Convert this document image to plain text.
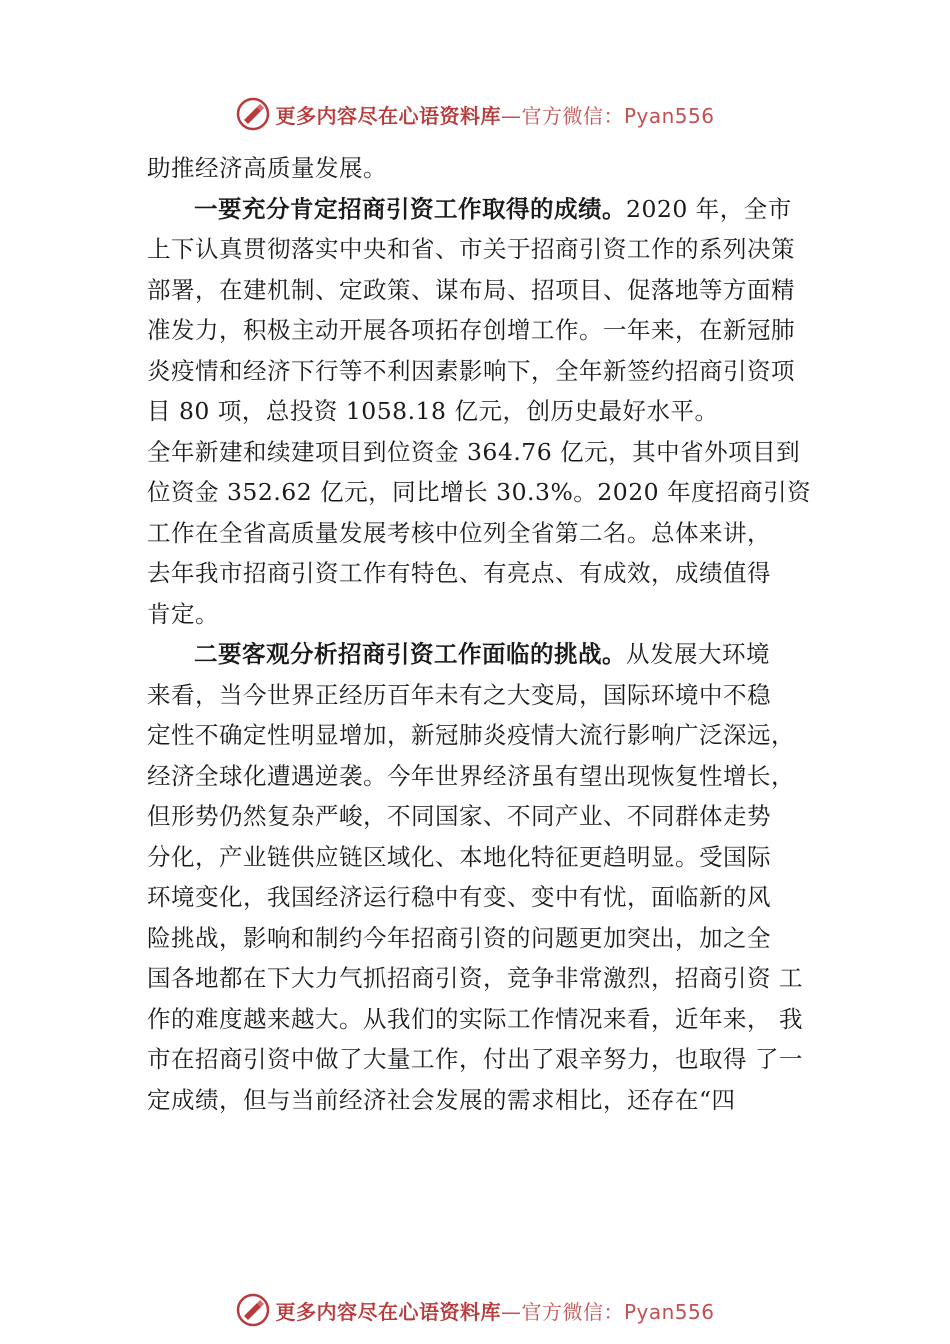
更多内容尽在心语资料库—官方微信：Pyan556
助推经济高质量发展。
一要充分肯定招商引资工作取得的成绩。2020 年，全市
上下认真贯彻落实中央和省、市关于招商引资工作的系列决策
部署，在建机制、定政策、谋布局、招项目、促落地等方面精
准发力，积极主动开展各项拓存创增工作。一年来，在新冠肺
炎疫情和经济下行等不利因素影响下，全年新签约招商引资项
目 80 项，总投资 1058.18 亿元，创历史最好水平。
全年新建和续建项目到位资金 364.76 亿元，其中省外项目到
位资金 352.62 亿元，同比增长 30.3%。2020 年度招商引资
工作在全省高质量发展考核中位列全省第二名。总体来讲，
去年我市招商引资工作有特色、有亮点、有成效，成绩值得
肯定。
二要客观分析招商引资工作面临的挑战。从发展大环境
来看，当今世界正经历百年未有之大变局，国际环境中不稳
定性不确定性明显增加，新冠肺炎疫情大流行影响广泛深远，
经济全球化遭遇逆袭。今年世界经济虽有望出现恢复性增长，
但形势仍然复杂严峻，不同国家、不同产业、不同群体走势
分化，产业链供应链区域化、本地化特征更趋明显。受国际
环境变化，我国经济运行稳中有变、变中有忧，面临新的风
险挑战，影响和制约今年招商引资的问题更加突出，加之全
国各地都在下大力气抓招商引资，竞争非常激烈，招商引资 工
作的难度越来越大。从我们的实际工作情况来看，近年来， 我
市在招商引资中做了大量工作，付出了艰辛努力，也取得 了一
定成绩，但与当前经济社会发展的需求相比，还存在“四
更多内容尽在心语资料库—官方微信：Pyan556
